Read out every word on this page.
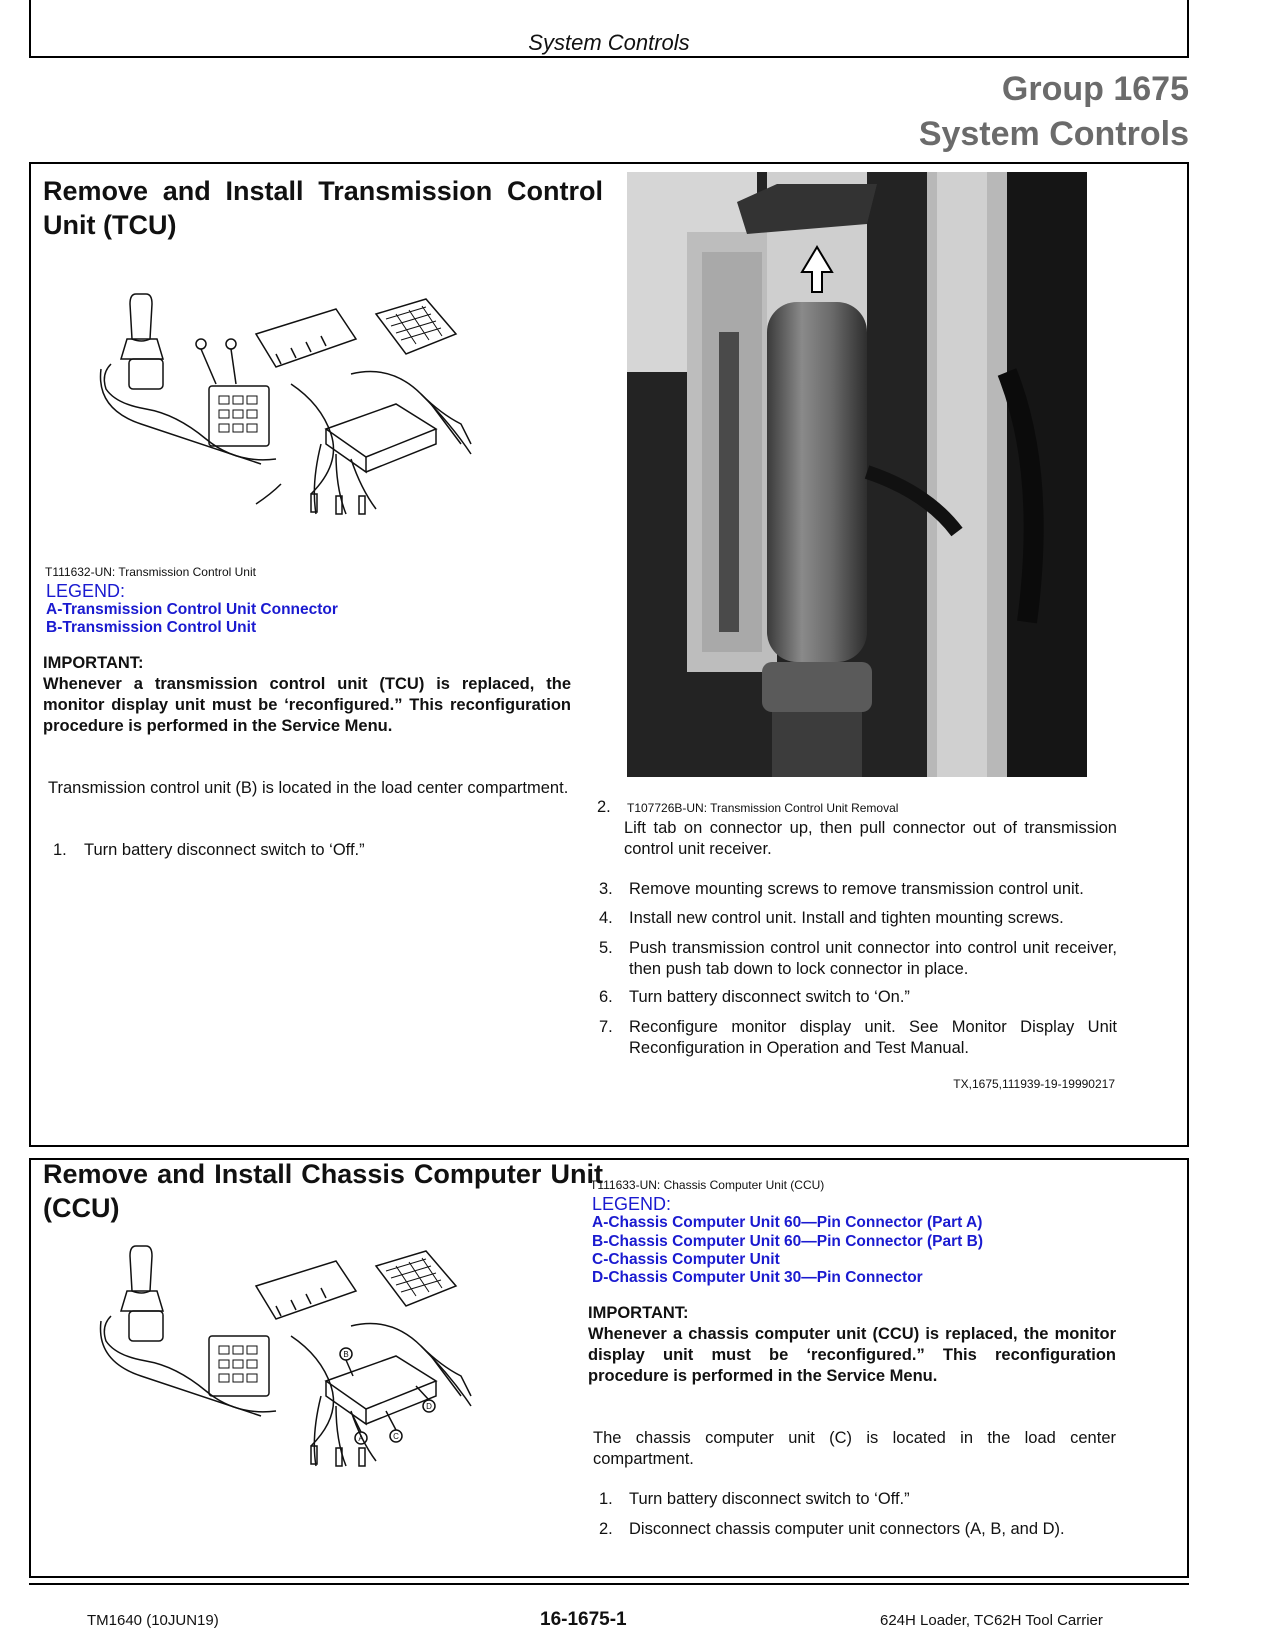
System Controls
Group 1675
System Controls
Remove and Install Transmission Control Unit (TCU)
T111632-UN: Transmission Control Unit
LEGEND:
A-Transmission Control Unit Connector
B-Transmission Control Unit
IMPORTANT:
Whenever a transmission control unit (TCU) is replaced, the monitor display unit must be ‘reconfigured.” This reconfiguration procedure is performed in the Service Menu.
Transmission control unit (B) is located in the load center compartment.
1. Turn battery disconnect switch to ‘Off.”
T107726B-UN: Transmission Control Unit Removal
2.
Lift tab on connector up, then pull connector out of transmission control unit receiver.
3. Remove mounting screws to remove transmission control unit.
4. Install new control unit. Install and tighten mounting screws.
5. Push transmission control unit connector into control unit receiver, then push tab down to lock connector in place.
6. Turn battery disconnect switch to ‘On.”
7. Reconfigure monitor display unit. See Monitor Display Unit Reconfiguration in Operation and Test Manual.
TX,1675,111939-19-19990217
Remove and Install Chassis Computer Unit (CCU)
B
D
C
A
T111633-UN: Chassis Computer Unit (CCU)
LEGEND:
A-Chassis Computer Unit 60—Pin Connector (Part A)
B-Chassis Computer Unit 60—Pin Connector (Part B)
C-Chassis Computer Unit
D-Chassis Computer Unit 30—Pin Connector
IMPORTANT:
Whenever a chassis computer unit (CCU) is replaced, the monitor display unit must be ‘reconfigured.” This reconfiguration procedure is performed in the Service Menu.
The chassis computer unit (C) is located in the load center compartment.
1. Turn battery disconnect switch to ‘Off.”
2. Disconnect chassis computer unit connectors (A, B, and D).
TM1640 (10JUN19)	16-1675-1	624H Loader, TC62H Tool Carrier
